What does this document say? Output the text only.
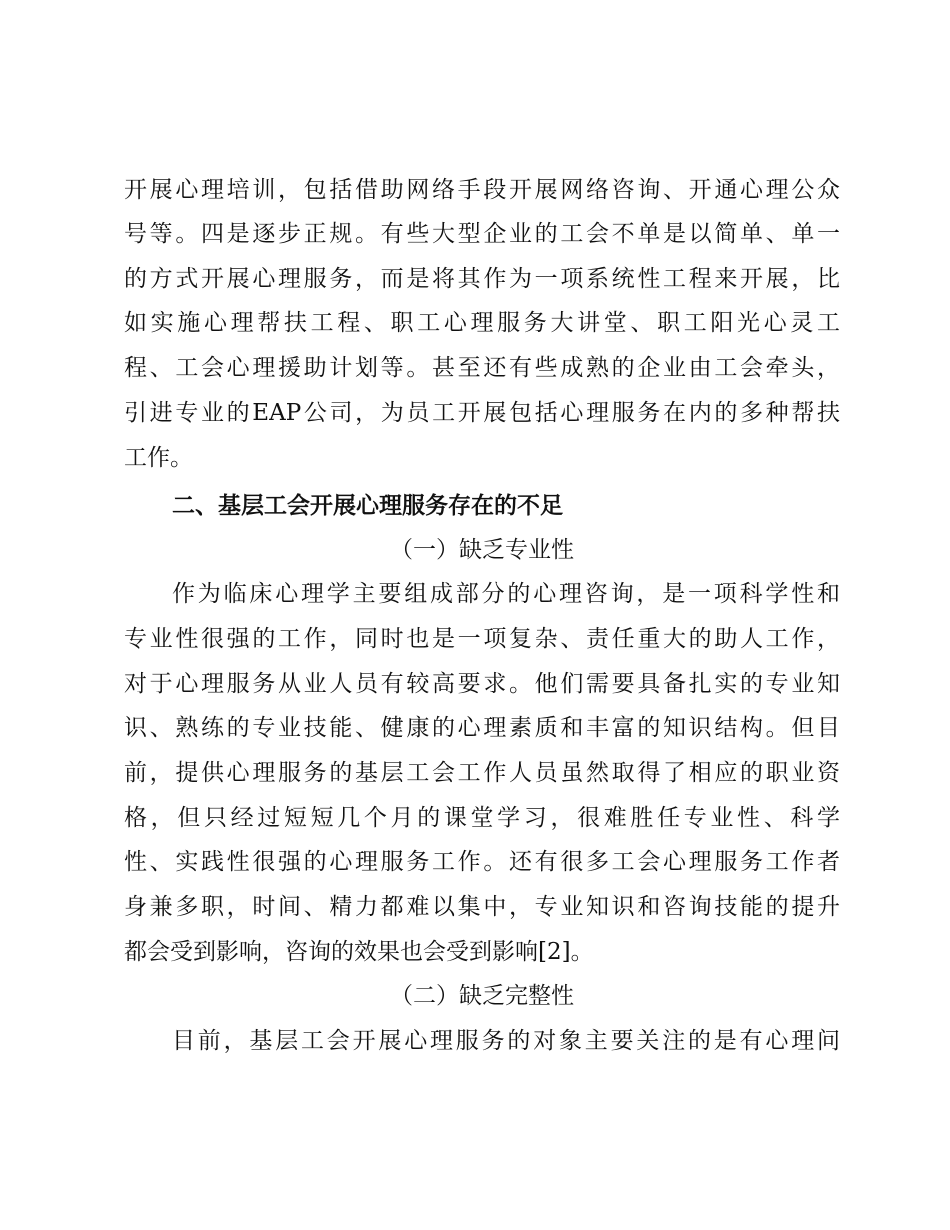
开展心理培训，包括借助网络手段开展网络咨询、开通心理公众
号等。四是逐步正规。有些大型企业的工会不单是以简单、单一
的方式开展心理服务，而是将其作为一项系统性工程来开展，比
如实施心理帮扶工程、职工心理服务大讲堂、职工阳光心灵工
程、工会心理援助计划等。甚至还有些成熟的企业由工会牵头，
引进专业的EAP公司，为员工开展包括心理服务在内的多种帮扶
工作。
二、基层工会开展心理服务存在的不足
（一）缺乏专业性
作为临床心理学主要组成部分的心理咨询，是一项科学性和
专业性很强的工作，同时也是一项复杂、责任重大的助人工作，
对于心理服务从业人员有较高要求。他们需要具备扎实的专业知
识、熟练的专业技能、健康的心理素质和丰富的知识结构。但目
前，提供心理服务的基层工会工作人员虽然取得了相应的职业资
格，但只经过短短几个月的课堂学习，很难胜任专业性、科学
性、实践性很强的心理服务工作。还有很多工会心理服务工作者
身兼多职，时间、精力都难以集中，专业知识和咨询技能的提升
都会受到影响，咨询的效果也会受到影响[2]。
（二）缺乏完整性
目前，基层工会开展心理服务的对象主要关注的是有心理问
